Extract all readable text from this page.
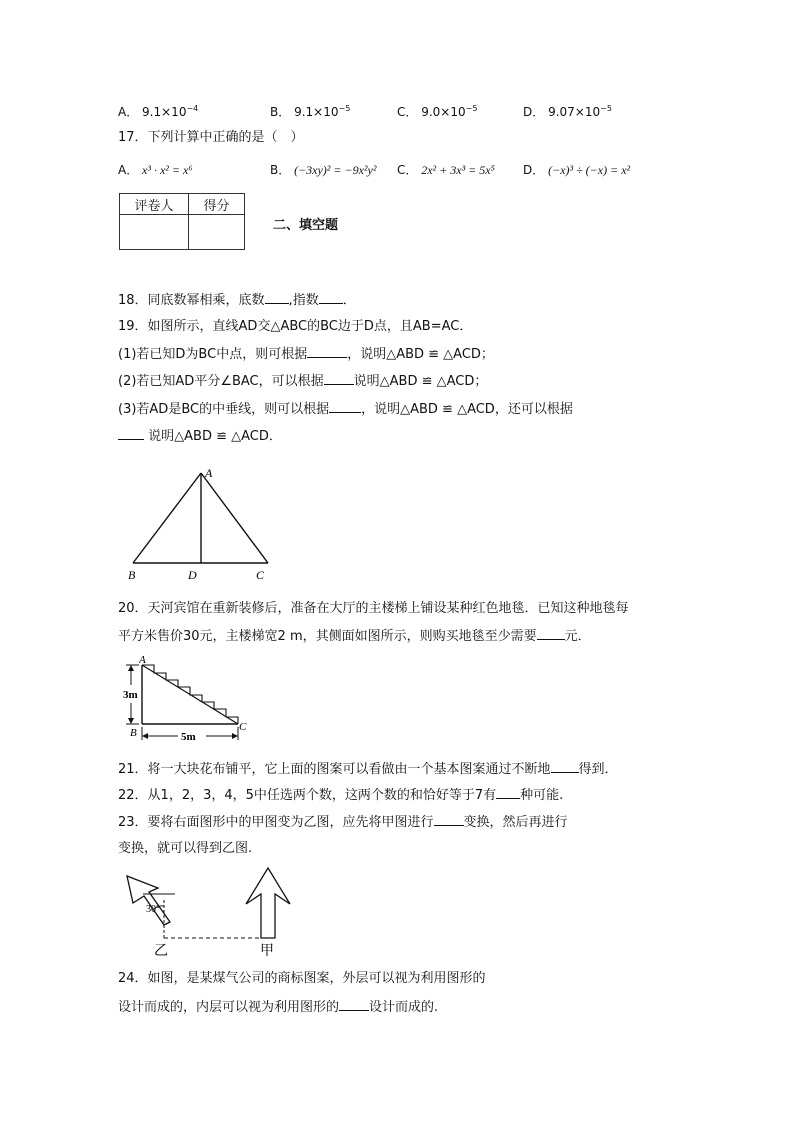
A． $9.1\times 10^{-4}$	B． $9.1\times 10^{-5}$	C． $9.0\times 10^{-5}$	D． $9.07\times 10^{-5}$
17．下列计算中正确的是（　）
A． x³ · x² = x⁶	B． (−3xy)² = −9x²y² C． 2x² + 3x³ = 5x⁵ D． (−x)³ ÷ (−x) = x²
评卷人	得分

二、填空题
18．同底数幂相乘，底数 ,指数 ．
19．如图所示，直线AD交△ABC的BC边于D点，且AB=AC．
(1)若已知D为BC中点，则可根据	，说明△ABD ≌ △ACD；
(2)若已知AD平分∠BAC，可以根据 说明△ABD ≌ △ACD；
(3)若AD是BC的中垂线，则可以根据 ，说明△ABD ≌ △ACD，还可以根据
说明△ABD ≌ △ACD．
A
B	D	C
20．天河宾馆在重新装修后，准备在大厅的主楼梯上铺设某种红色地毯．已知这种地毯每
平方米售价30元，主楼梯宽2 m，其侧面如图所示，则购买地毯至少需要 元．
A
B	C
3m
5m
21．将一大块花布铺平，它上面的图案可以看做由一个基本图案通过不断地 得到．
22．从1，2，3，4，5中任选两个数，这两个数的和恰好等于7有 种可能.
23．要将右面图形中的甲图变为乙图，应先将甲图进行 变换，然后再进行
变换，就可以得到乙图.
30°
乙	甲
24．如图，是某煤气公司的商标图案，外层可以视为利用图形的
设计而成的，内层可以视为利用图形的 设计而成的.
